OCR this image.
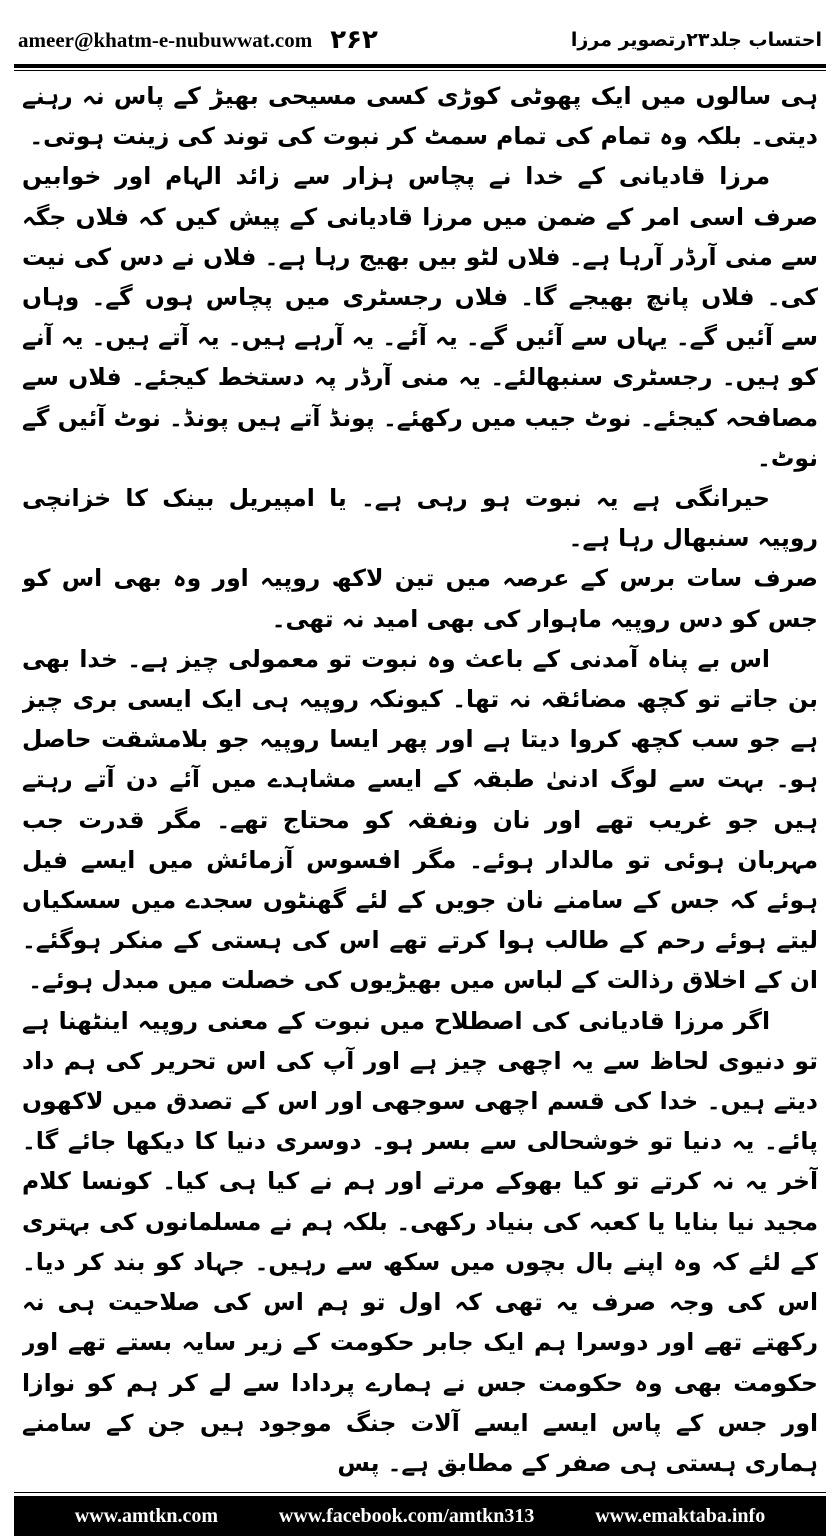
ameer@khatm-e-nubuwwat.com ۲۶۲	احتساب جلد۲۳رتصویر مرزا

ہی سالوں میں ایک پھوٹی کوڑی کسی مسیحی بھیڑ کے پاس نہ رہنے دیتی۔ بلکہ وہ تمام کی تمام سمٹ کر نبوت کی توند کی زینت ہوتی۔

مرزا قادیانی کے خدا نے پچاس ہزار سے زائد الہام اور خوابیں صرف اسی امر کے ضمن میں مرزا قادیانی کے پیش کیں کہ فلاں جگہ سے منی آرڈر آرہا ہے۔ فلاں لٹو بیں بھیج رہا ہے۔ فلاں نے دس کی نیت کی۔ فلاں پانچ بھیجے گا۔ فلاں رجسٹری میں پچاس ہوں گے۔ وہاں سے آئیں گے۔ یہاں سے آئیں گے۔ یہ آئے۔ یہ آرہے ہیں۔ یہ آتے ہیں۔ یہ آنے کو ہیں۔ رجسٹری سنبھالئے۔ یہ منی آرڈر پہ دستخط کیجئے۔ فلاں سے مصافحہ کیجئے۔ نوٹ جیب میں رکھئے۔ پونڈ آتے ہیں پونڈ۔ نوٹ آئیں گے نوٹ۔

حیرانگی ہے یہ نبوت ہو رہی ہے۔ یا امپیریل بینک کا خزانچی روپیہ سنبھال رہا ہے۔

صرف سات برس کے عرصہ میں تین لاکھ روپیہ اور وہ بھی اس کو جس کو دس روپیہ ماہوار کی بھی امید نہ تھی۔

اس بے پناہ آمدنی کے باعث وہ نبوت تو معمولی چیز ہے۔ خدا بھی بن جاتے تو کچھ مضائقہ نہ تھا۔ کیونکہ روپیہ ہی ایک ایسی بری چیز ہے جو سب کچھ کروا دیتا ہے اور پھر ایسا روپیہ جو بلامشقت حاصل ہو۔ بہت سے لوگ ادنیٰ طبقہ کے ایسے مشاہدے میں آئے دن آتے رہتے ہیں جو غریب تھے اور نان ونفقہ کو محتاج تھے۔ مگر قدرت جب مہربان ہوئی تو مالدار ہوئے۔ مگر افسوس آزمائش میں ایسے فیل ہوئے کہ جس کے سامنے نان جویں کے لئے گھنٹوں سجدے میں سسکیاں لیتے ہوئے رحم کے طالب ہوا کرتے تھے اس کی ہستی کے منکر ہوگئے۔ ان کے اخلاق رذالت کے لباس میں بھیڑیوں کی خصلت میں مبدل ہوئے۔

اگر مرزا قادیانی کی اصطلاح میں نبوت کے معنی روپیہ اینٹھنا ہے تو دنیوی لحاظ سے یہ اچھی چیز ہے اور آپ کی اس تحریر کی ہم داد دیتے ہیں۔ خدا کی قسم اچھی سوجھی اور اس کے تصدق میں لاکھوں پائے۔ یہ دنیا تو خوشحالی سے بسر ہو۔ دوسری دنیا کا دیکھا جائے گا۔ آخر یہ نہ کرتے تو کیا بھوکے مرتے اور ہم نے کیا ہی کیا۔ کونسا کلام مجید نیا بنایا یا کعبہ کی بنیاد رکھی۔ بلکہ ہم نے مسلمانوں کی بہتری کے لئے کہ وہ اپنے بال بچوں میں سکھ سے رہیں۔ جہاد کو بند کر دیا۔ اس کی وجہ صرف یہ تھی کہ اول تو ہم اس کی صلاحیت ہی نہ رکھتے تھے اور دوسرا ہم ایک جابر حکومت کے زیر سایہ بستے تھے اور حکومت بھی وہ حکومت جس نے ہمارے پردادا سے لے کر ہم کو نوازا اور جس کے پاس ایسے ایسے آلات جنگ موجود ہیں جن کے سامنے ہماری ہستی ہی صفر کے مطابق ہے۔ پس

www.amtkn.com	www.facebook.com/amtkn313	www.emaktaba.info
